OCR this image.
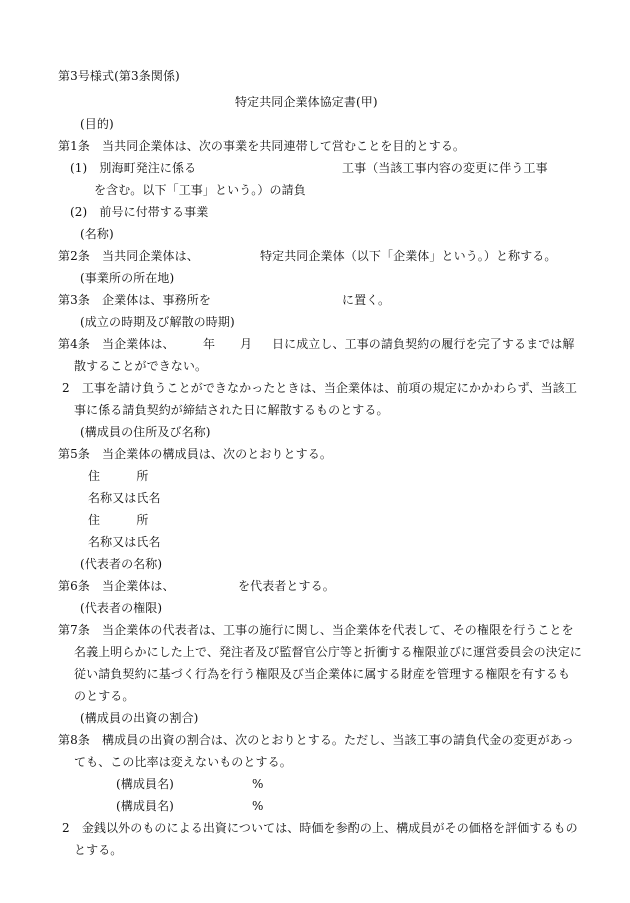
第3号様式(第3条関係)
特定共同企業体協定書(甲)
(目的)
第1条　当共同企業体は、次の事業を共同連帯して営むことを目的とする。
(1)　別海町発注に係る	工事（当該工事内容の変更に伴う工事
を含む。以下「工事」という。）の請負
(2)　前号に付帯する事業
(名称)
第2条　当共同企業体は、	特定共同企業体（以下「企業体」という。）と称する。
(事業所の所在地)
第3条　企業体は、事務所を	に置く。
(成立の時期及び解散の時期)
第4条　当企業体は、 年 月 日に成立し、工事の請負契約の履行を完了するまでは解
散することができない。
2　工事を請け負うことができなかったときは、当企業体は、前項の規定にかかわらず、当該工
事に係る請負契約が締結された日に解散するものとする。
(構成員の住所及び名称)
第5条　当企業体の構成員は、次のとおりとする。
住　　　所
名称又は氏名
住　　　所
名称又は氏名
(代表者の名称)
第6条　当企業体は、	を代表者とする。
(代表者の権限)
第7条　当企業体の代表者は、工事の施行に関し、当企業体を代表して、その権限を行うことを
名義上明らかにした上で、発注者及び監督官公庁等と折衝する権限並びに運営委員会の決定に
従い請負契約に基づく行為を行う権限及び当企業体に属する財産を管理する権限を有するも
のとする。
(構成員の出資の割合)
第8条　構成員の出資の割合は、次のとおりとする。ただし、当該工事の請負代金の変更があっ
ても、この比率は変えないものとする。
(構成員名)	%
(構成員名)	%
2　金銭以外のものによる出資については、時価を参酌の上、構成員がその価格を評価するもの
とする。
